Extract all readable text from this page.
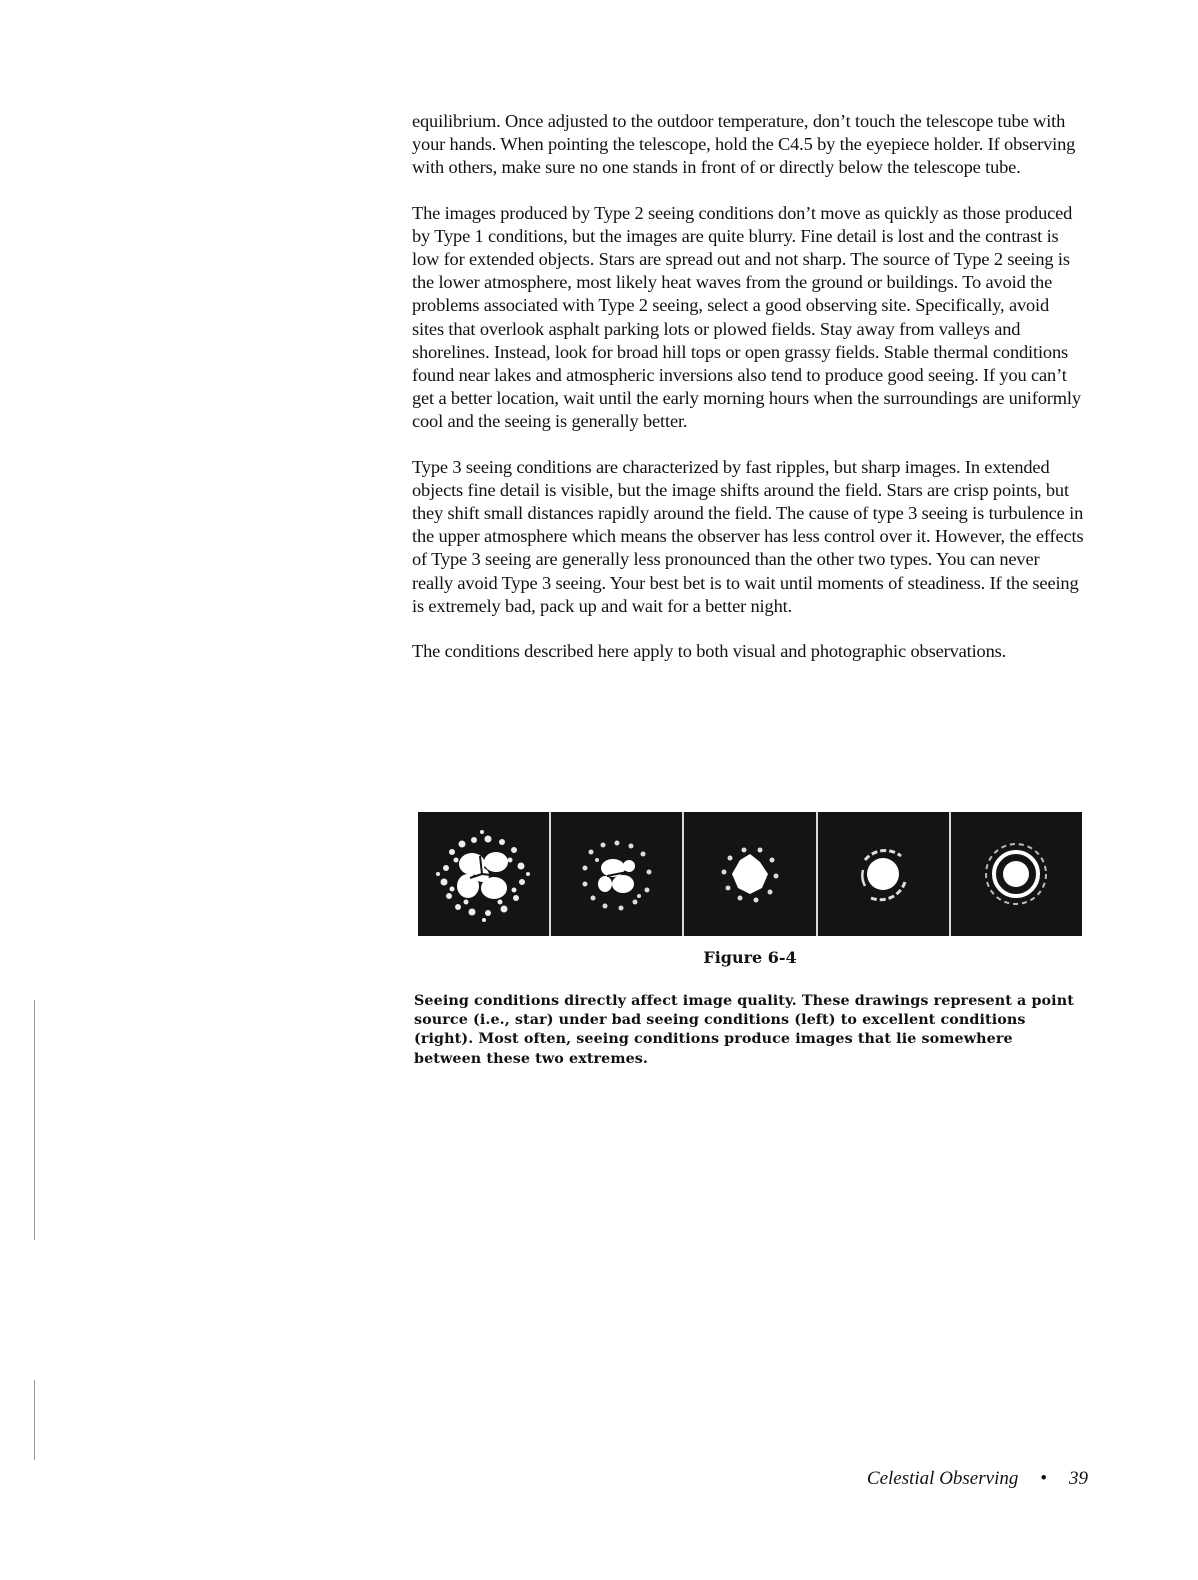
equilibrium. Once adjusted to the outdoor temperature, don’t touch the telescope tube with your hands. When pointing the telescope, hold the C4.5 by the eyepiece holder. If observing with others, make sure no one stands in front of or directly below the telescope tube.

The images produced by Type 2 seeing conditions don’t move as quickly as those produced by Type 1 conditions, but the images are quite blurry. Fine detail is lost and the contrast is low for extended objects. Stars are spread out and not sharp. The source of Type 2 seeing is the lower atmosphere, most likely heat waves from the ground or buildings. To avoid the problems associated with Type 2 seeing, select a good observing site. Specifically, avoid sites that overlook asphalt parking lots or plowed fields. Stay away from valleys and shorelines. Instead, look for broad hill tops or open grassy fields. Stable thermal conditions found near lakes and atmospheric inversions also tend to produce good seeing. If you can’t get a better location, wait until the early morning hours when the surroundings are uniformly cool and the seeing is generally better.

Type 3 seeing conditions are characterized by fast ripples, but sharp images. In extended objects fine detail is visible, but the image shifts around the field. Stars are crisp points, but they shift small distances rapidly around the field. The cause of type 3 seeing is turbulence in the upper atmosphere which means the observer has less control over it. However, the effects of Type 3 seeing are generally less pronounced than the other two types. You can never really avoid Type 3 seeing. Your best bet is to wait until moments of steadiness. If the seeing is extremely bad, pack up and wait for a better night.

The conditions described here apply to both visual and photographic observations.

Figure 6-4
Seeing conditions directly affect image quality. These drawings represent a point source (i.e., star) under bad seeing conditions (left) to excellent conditions (right). Most often, seeing conditions produce images that lie somewhere between these two extremes.
Celestial Observing • 39
